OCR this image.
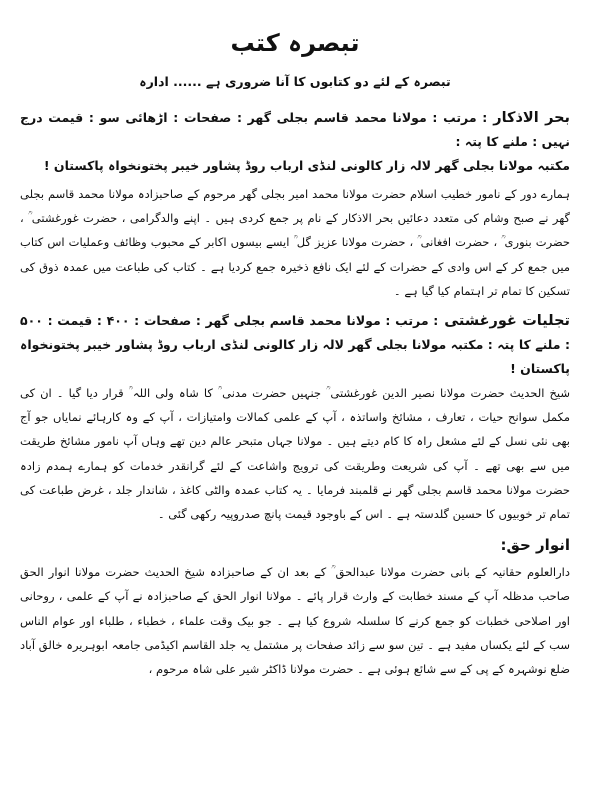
تبصرہ کتب
تبصرہ کے لئے دو کتابوں کا آنا ضروری ہے ...... ادارہ

بحر الاذکار: مرتب : مولانا محمد قاسم بجلی گھر : صفحات : اڑھائی سو : قیمت درج نہیں : ملنے کا پتہ :

مکتبہ مولانا بجلی گھر لالہ زار کالونی لنڈی ارباب روڈ پشاور خیبر پختونخواہ پاکستان !

ہمارے دور کے نامور خطیب اسلام حضرت مولانا محمد امیر بجلی گھر مرحوم کے صاحبزادہ مولانا محمد قاسم بجلی گھر نے صبح وشام کی متعدد دعائیں بحر الاذکار کے نام پر جمع کردی ہیں ۔ اپنے والدگرامی ، حضرت غورغشتی ؒ ، حضرت بنوری ؒ ، حضرت افغانی ؒ ، حضرت مولانا عزیز گل ؒ ایسے بیسوں اکابر کے محبوب وظائف وعملیات اس کتاب میں جمع کر کے اس وادی کے حضرات کے لئے ایک نافع ذخیرہ جمع کردیا ہے ۔ کتاب کی طباعت میں عمدہ ذوق کی تسکین کا تمام تر اہتمام کیا گیا ہے ۔

تجلیات غورغشتی: مرتب : مولانا محمد قاسم بجلی گھر : صفحات : ۴۰۰ : قیمت : ۵۰۰ : ملنے کا پتہ : مکتبہ مولانا بجلی گھر لالہ زار کالونی لنڈی ارباب روڈ پشاور خیبر پختونخواہ پاکستان !

شیخ الحدیث حضرت مولانا نصیر الدین غورغشتی ؒ جنہیں حضرت مدنی ؒ کا شاہ ولی اللہ ؒ قرار دیا گیا ۔ ان کی مکمل سوانح حیات ، تعارف ، مشائخ واساتذہ ، آپ کے علمی کمالات وامتیازات ، آپ کے وہ کارہائے نمایاں جو آج بھی نئی نسل کے لئے مشعل راہ کا کام دیتے ہیں ۔ مولانا جہاں متبحر عالم دین تھے وہاں آپ نامور مشائخ طریقت میں سے بھی تھے ۔ آپ کی شریعت وطریقت کی ترویج واشاعت کے لئے گرانقدر خدمات کو ہمارے ہمدم زادہ حضرت مولانا محمد قاسم بجلی گھر نے قلمبند فرمایا ۔ یہ کتاب عمدہ والٹی کاغذ ، شاندار جلد ، غرض طباعت کی تمام تر خوبیوں کا حسین گلدستہ ہے ۔ اس کے باوجود قیمت پانچ صدروپیہ رکھی گئی ۔

انوار حق:

دارالعلوم حقانیہ کے بانی حضرت مولانا عبدالحق ؒ کے بعد ان کے صاحبزادہ شیخ الحدیث حضرت مولانا انوار الحق صاحب مدظلہ آپ کے مسند خطابت کے وارث قرار پائے ۔ مولانا انوار الحق کے صاحبزادہ نے آپ کے علمی ، روحانی اور اصلاحی خطبات کو جمع کرنے کا سلسلہ شروع کیا ہے ۔ جو بیک وقت علماء ، خطباء ، طلباء اور عوام الناس سب کے لئے یکساں مفید ہے ۔ تین سو سے زائد صفحات پر مشتمل یہ جلد القاسم اکیڈمی جامعہ ابوہریرہ خالق آباد ضلع نوشہرہ کے پی کے سے شائع ہوئی ہے ۔ حضرت مولانا ڈاکٹر شیر علی شاہ مرحوم ،
